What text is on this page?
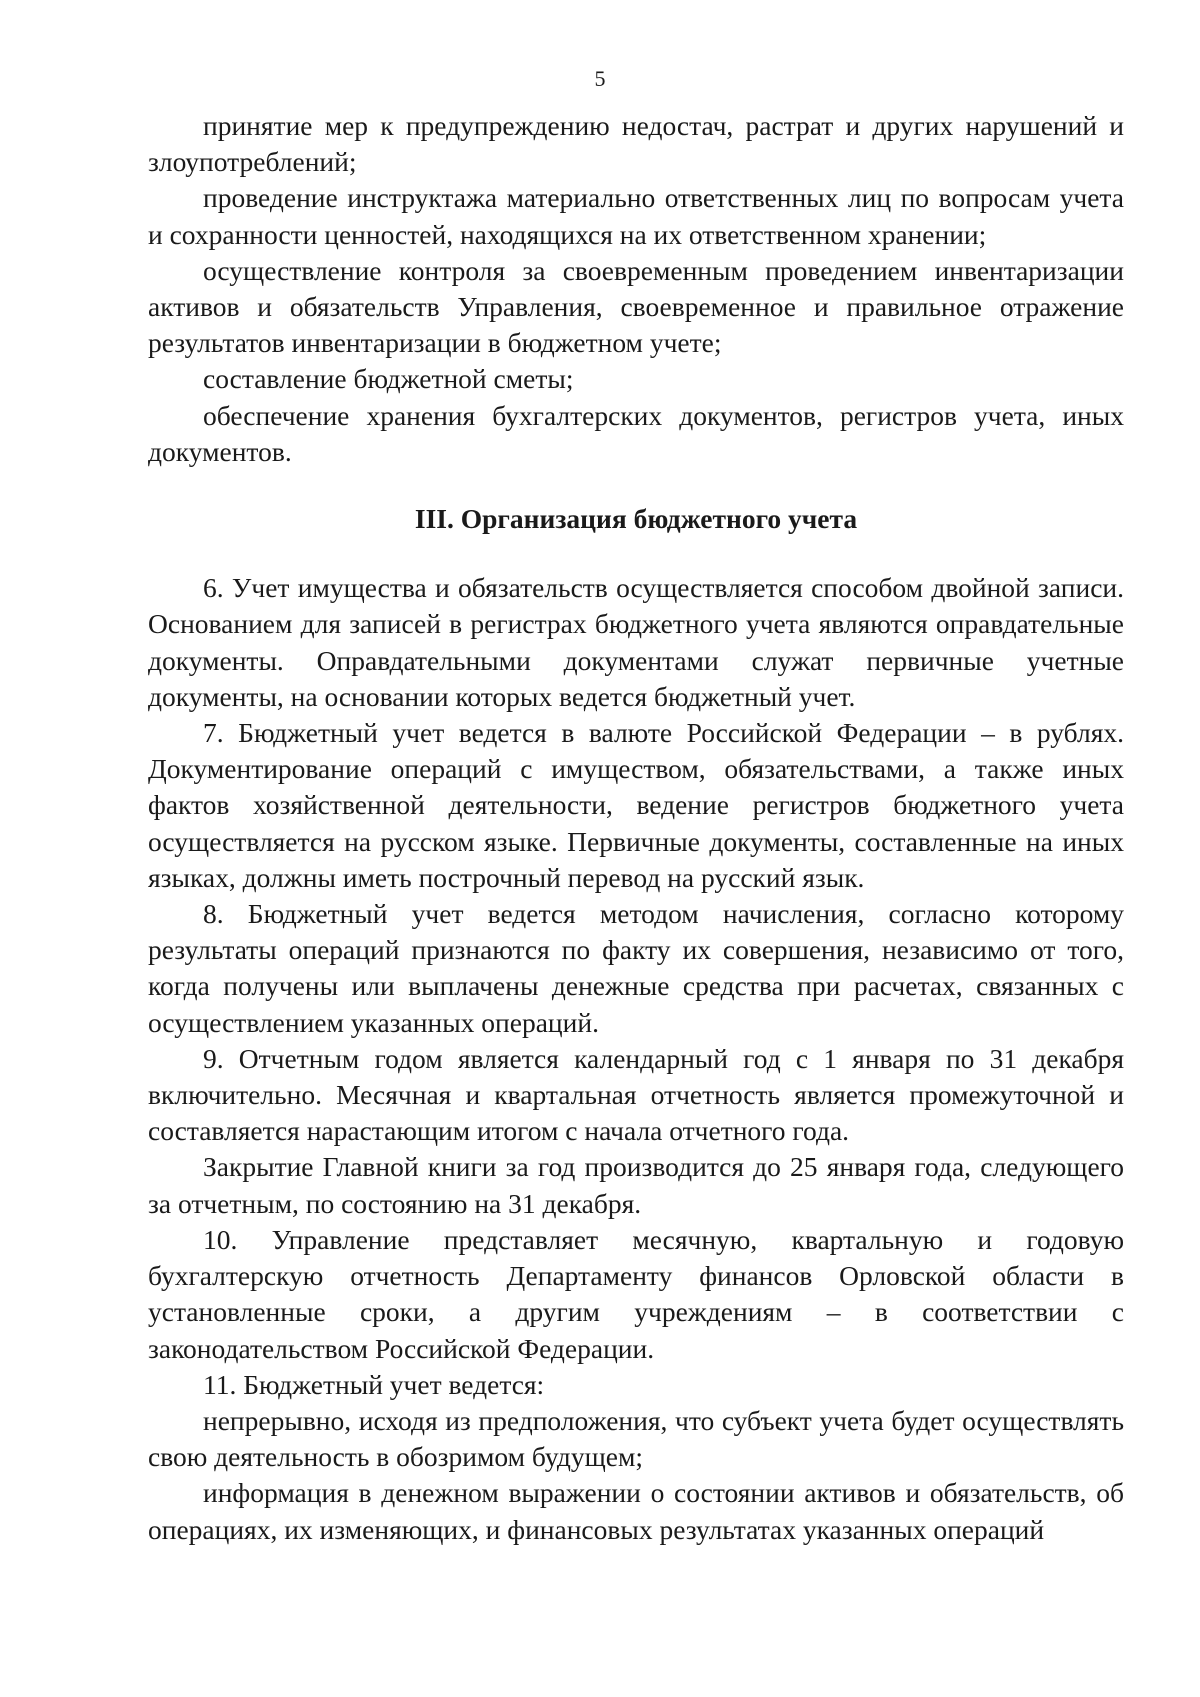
5

принятие мер к предупреждению недостач, растрат и других нарушений и злоупотреблений;

проведение инструктажа материально ответственных лиц по вопросам учета и сохранности ценностей, находящихся на их ответственном хранении;

осуществление контроля за своевременным проведением инвентаризации активов и обязательств Управления, своевременное и правильное отражение результатов инвентаризации в бюджетном учете;

составление бюджетной сметы;

обеспечение хранения бухгалтерских документов, регистров учета, иных документов.

III. Организация бюджетного учета

6. Учет имущества и обязательств осуществляется способом двойной записи. Основанием для записей в регистрах бюджетного учета являются оправдательные документы. Оправдательными документами служат первичные учетные документы, на основании которых ведется бюджетный учет.

7. Бюджетный учет ведется в валюте Российской Федерации – в рублях. Документирование операций с имуществом, обязательствами, а также иных фактов хозяйственной деятельности, ведение регистров бюджетного учета осуществляется на русском языке. Первичные документы, составленные на иных языках, должны иметь построчный перевод на русский язык.

8. Бюджетный учет ведется методом начисления, согласно которому результаты операций признаются по факту их совершения, независимо от того, когда получены или выплачены денежные средства при расчетах, связанных с осуществлением указанных операций.

9. Отчетным годом является календарный год с 1 января по 31 декабря включительно. Месячная и квартальная отчетность является промежуточной и составляется нарастающим итогом с начала отчетного года.

Закрытие Главной книги за год производится до 25 января года, следующего за отчетным, по состоянию на 31 декабря.

10. Управление представляет месячную, квартальную и годовую бухгалтерскую отчетность Департаменту финансов Орловской области в установленные сроки, а другим учреждениям – в соответствии с законодательством Российской Федерации.

11. Бюджетный учет ведется:

непрерывно, исходя из предположения, что субъект учета будет осуществлять свою деятельность в обозримом будущем;

информация в денежном выражении о состоянии активов и обязательств, об операциях, их изменяющих, и финансовых результатах указанных операций
